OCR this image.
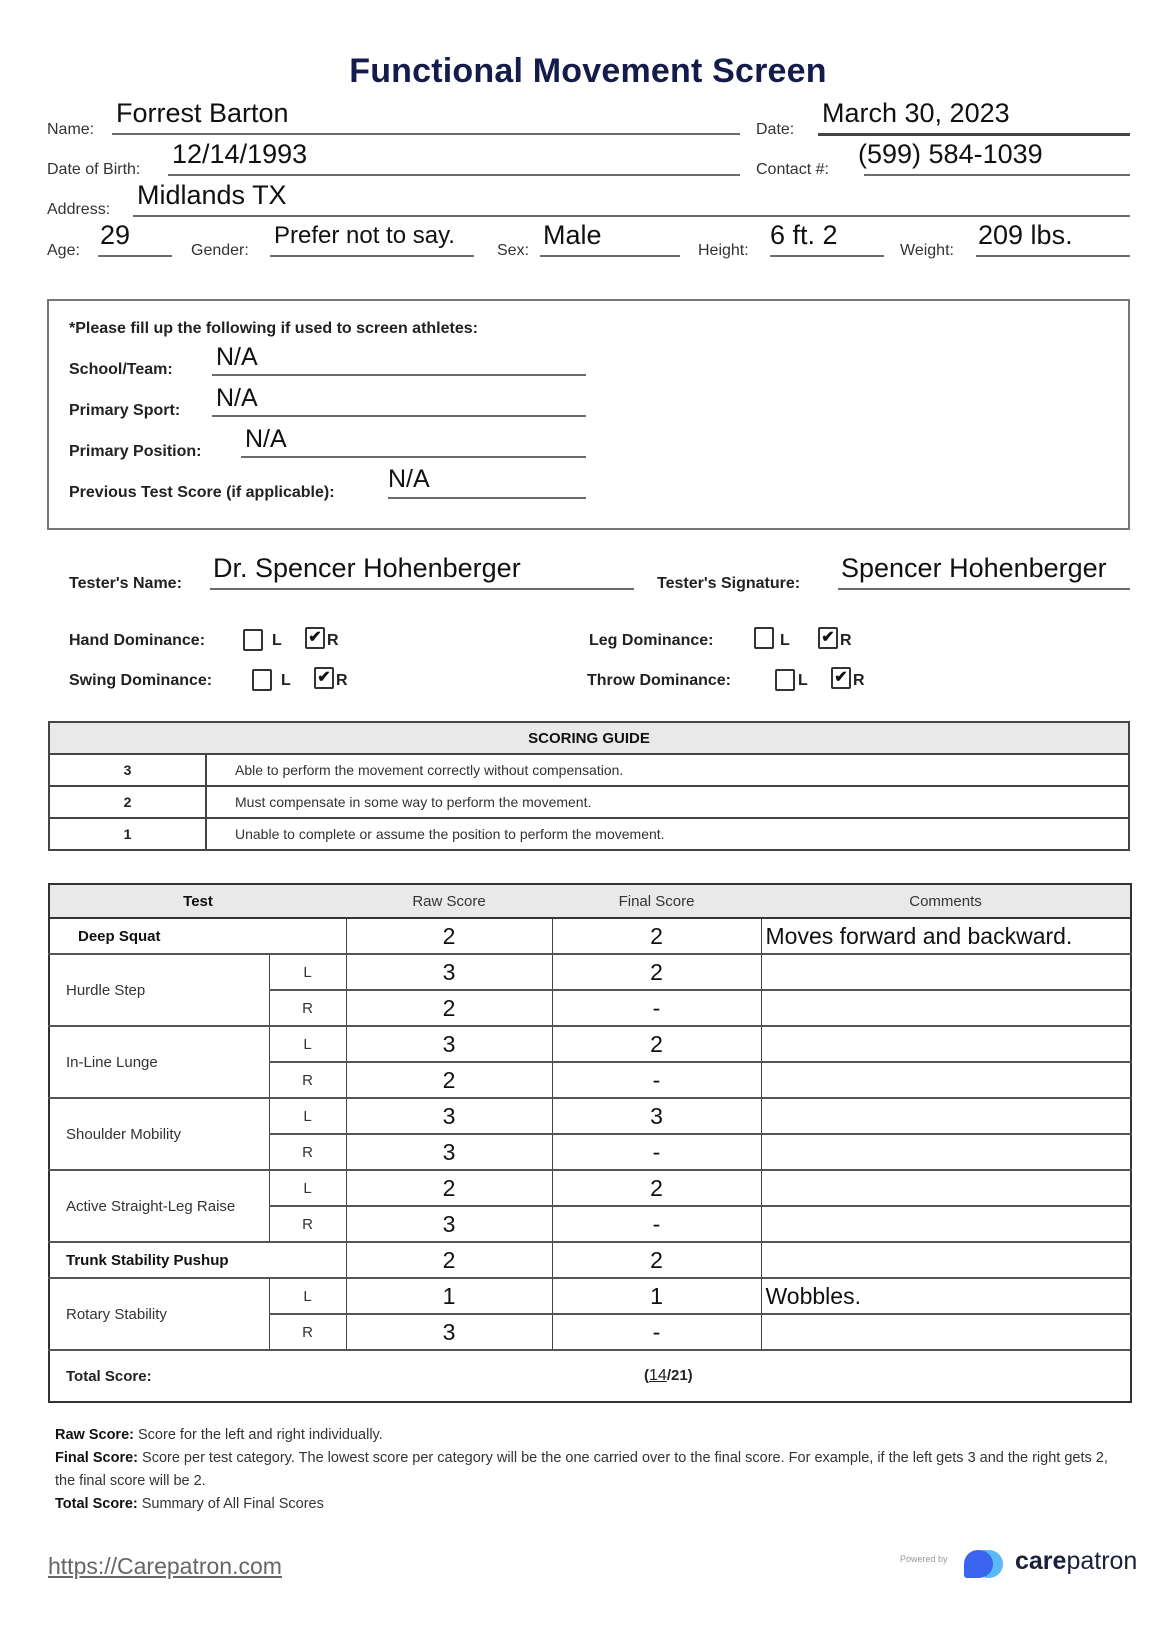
Functional Movement Screen
Name:
Forrest Barton
Date:
March 30, 2023
Date of Birth:
12/14/1993
Contact #:
(599) 584-1039
Address: Midlands TX
Age:
29
Gender:
Prefer not to say.
Sex:
Male
Height:
6 ft. 2
Weight:
209 lbs.
*Please fill up the following if used to screen athletes:
School/Team: N/A
Primary Sport: N/A
Primary Position: N/A
Previous Test Score (if applicable): N/A
Tester's Name:
Dr. Spencer Hohenberger
Tester's Signature:
Spencer Hohenberger
Hand Dominance:	L ✔ R	Leg Dominance:	L ✔ R
Swing Dominance:	L ✔ R	Throw Dominance:	L ✔ R
SCORING GUIDE	
3	Able to perform the movement correctly without compensation.
2	Must compensate in some way to perform the movement.
1	Unable to complete or assume the position to perform the movement.
Test		Raw Score	Final Score	Comments
Deep Squat		2	2	Moves forward and backward.
Hurdle Step	L	3	2	
	R	2	-	
In-Line Lunge	L	3	2	
	R	2	-	
Shoulder Mobility	L	3	3	
	R	3	-	
Active Straight-Leg Raise	L	2	2	
	R	3	-	
Trunk Stability Pushup		2	2	
Rotary Stability	L	1	1	Wobbles.
	R	3	-	
Total Score:			(14/21)	
Raw Score: Score for the left and right individually.
Final Score: Score per test category. The lowest score per category will be the one carried over to the final score. For example, if the left gets 3 and the right gets 2, the final score will be 2.
Total Score: Summary of All Final Scores
https://Carepatron.com	Powered by	carepatron
